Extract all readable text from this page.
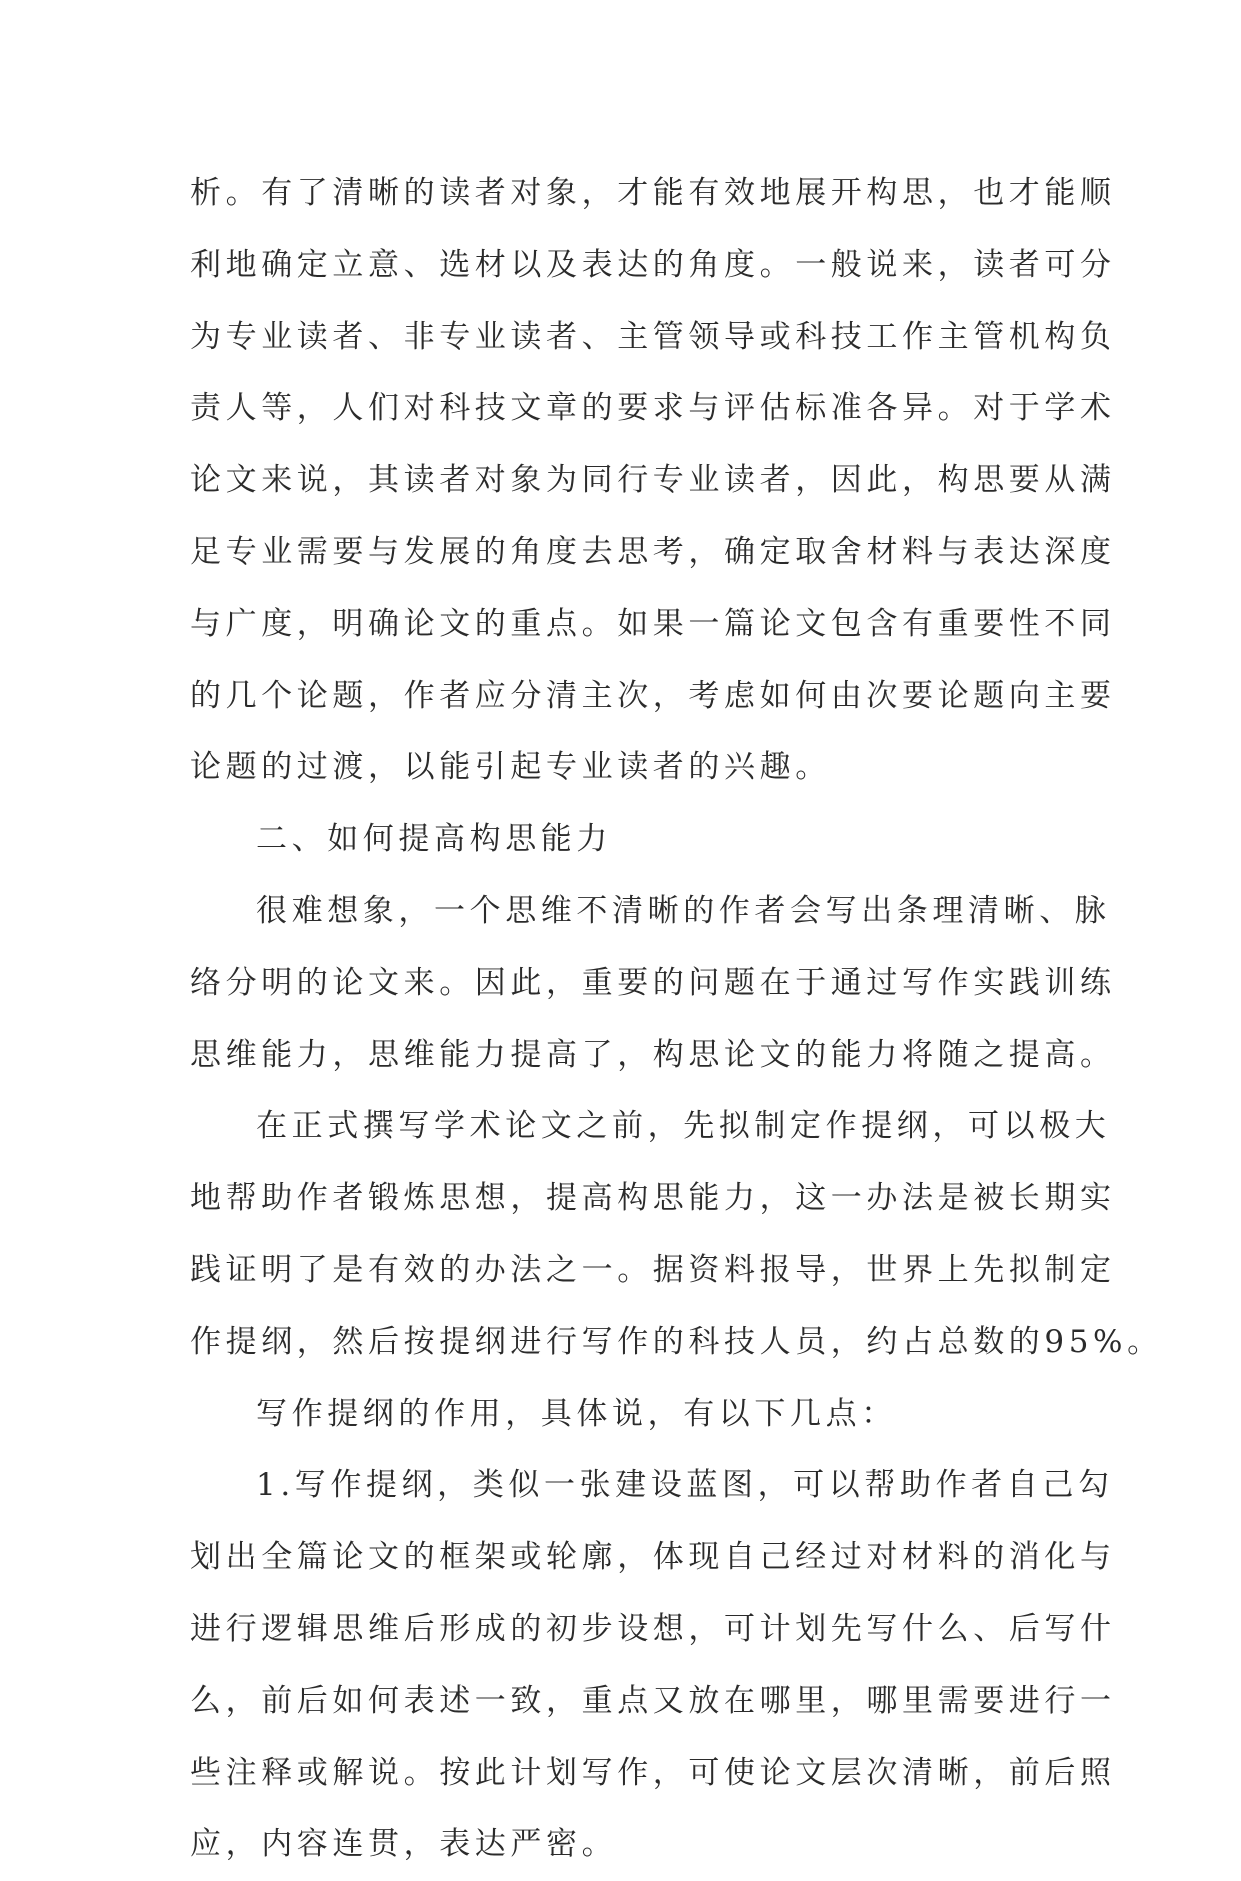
析。有了清晰的读者对象，才能有效地展开构思，也才能顺
利地确定立意、选材以及表达的角度。一般说来，读者可分
为专业读者、非专业读者、主管领导或科技工作主管机构负
责人等，人们对科技文章的要求与评估标准各异。对于学术
论文来说，其读者对象为同行专业读者，因此，构思要从满
足专业需要与发展的角度去思考，确定取舍材料与表达深度
与广度，明确论文的重点。如果一篇论文包含有重要性不同
的几个论题，作者应分清主次，考虑如何由次要论题向主要
论题的过渡，以能引起专业读者的兴趣。
二、如何提高构思能力
很难想象，一个思维不清晰的作者会写出条理清晰、脉
络分明的论文来。因此，重要的问题在于通过写作实践训练
思维能力，思维能力提高了，构思论文的能力将随之提高。
在正式撰写学术论文之前，先拟制定作提纲，可以极大
地帮助作者锻炼思想，提高构思能力，这一办法是被长期实
践证明了是有效的办法之一。据资料报导，世界上先拟制定
作提纲，然后按提纲进行写作的科技人员，约占总数的95%。
写作提纲的作用，具体说，有以下几点：
1.写作提纲，类似一张建设蓝图，可以帮助作者自己勾
划出全篇论文的框架或轮廓，体现自己经过对材料的消化与
进行逻辑思维后形成的初步设想，可计划先写什么、后写什
么，前后如何表述一致，重点又放在哪里，哪里需要进行一
些注释或解说。按此计划写作，可使论文层次清晰，前后照
应，内容连贯，表达严密。
